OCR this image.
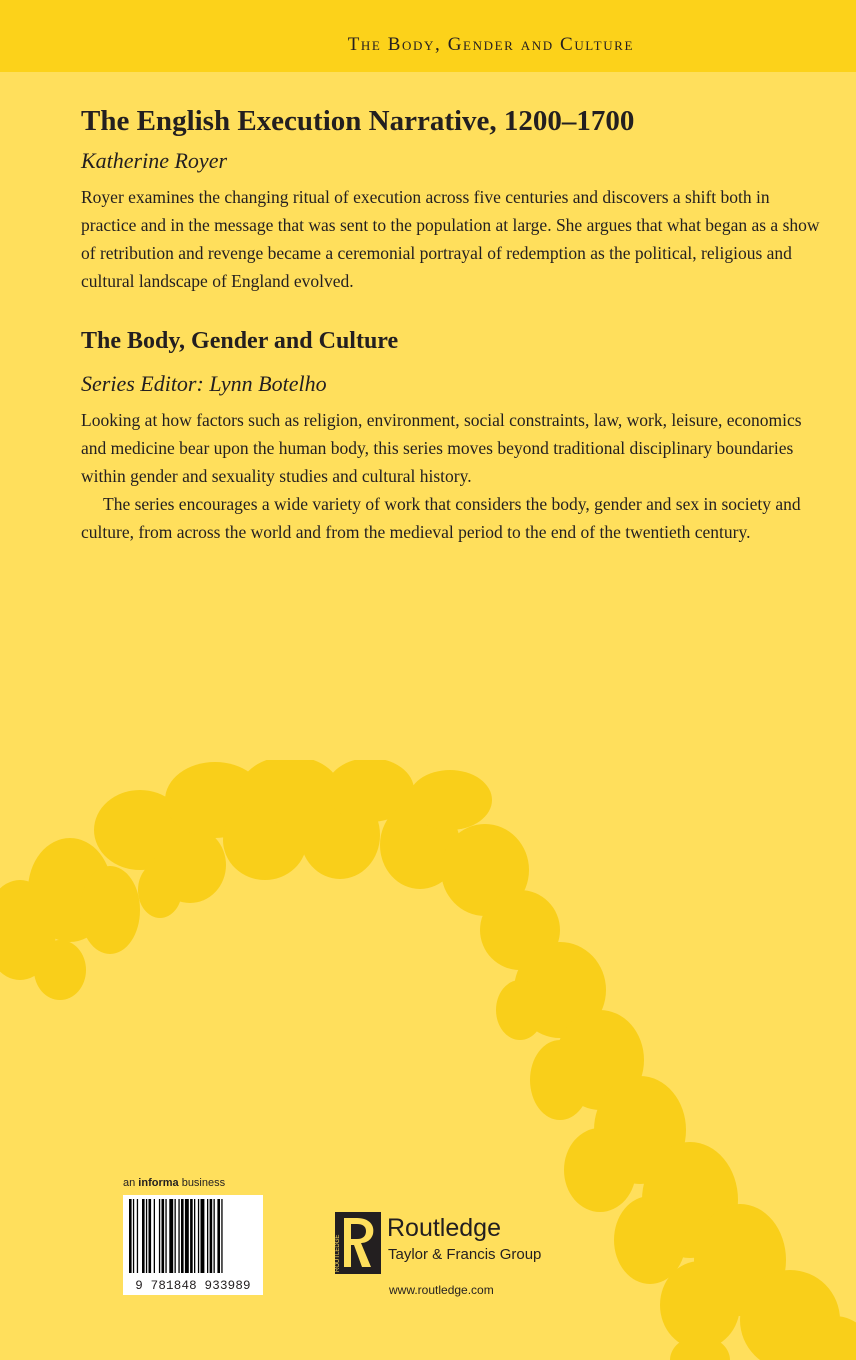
The Body, Gender and Culture
The English Execution Narrative, 1200–1700

Katherine Royer

Royer examines the changing ritual of execution across five centuries and discovers a shift both in practice and in the message that was sent to the population at large. She argues that what began as a show of retribution and revenge became a ceremonial portrayal of redemption as the political, religious and cultural landscape of England evolved.

The Body, Gender and Culture

Series Editor: Lynn Botelho

Looking at how factors such as religion, environment, social constraints, law, work, leisure, economics and medicine bear upon the human body, this series moves beyond traditional disciplinary boundaries within gender and sexuality studies and cultural history.

The series encourages a wide variety of work that considers the body, gender and sex in society and culture, from across the world and from the medieval period to the end of the twentieth century.

an informa business
9 781848 933989
ROUTLEDGE
Routledge
Taylor & Francis Group
www.routledge.com
